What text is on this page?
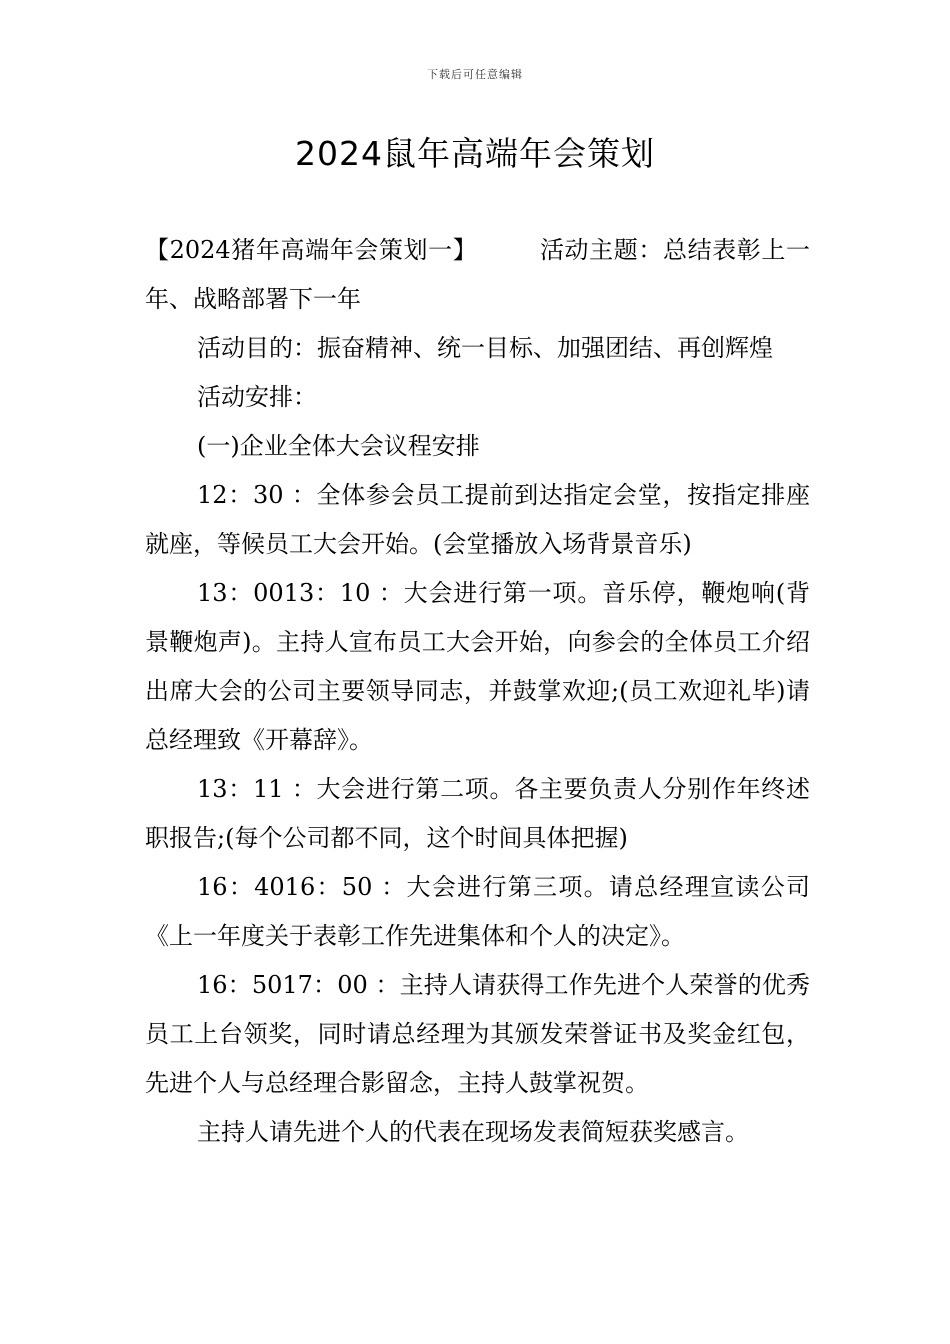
下载后可任意编辑
2024鼠年高端年会策划

【2024猪年高端年会策划一】	活动主题：总结表彰上一年、战略部署下一年

活动目的：振奋精神、统一目标、加强团结、再创辉煌

活动安排：

(一)企业全体大会议程安排

12：30 ：全体参会员工提前到达指定会堂，按指定排座就座，等候员工大会开始。(会堂播放入场背景音乐)

13：0013：10 ：大会进行第一项。音乐停，鞭炮响(背景鞭炮声)。主持人宣布员工大会开始，向参会的全体员工介绍出席大会的公司主要领导同志，并鼓掌欢迎;(员工欢迎礼毕)请总经理致《开幕辞》。

13：11 ：大会进行第二项。各主要负责人分别作年终述职报告;(每个公司都不同，这个时间具体把握)

16：4016：50 ：大会进行第三项。请总经理宣读公司《上一年度关于表彰工作先进集体和个人的决定》。

16：5017：00 ：主持人请获得工作先进个人荣誉的优秀员工上台领奖，同时请总经理为其颁发荣誉证书及奖金红包，先进个人与总经理合影留念，主持人鼓掌祝贺。

主持人请先进个人的代表在现场发表简短获奖感言。
